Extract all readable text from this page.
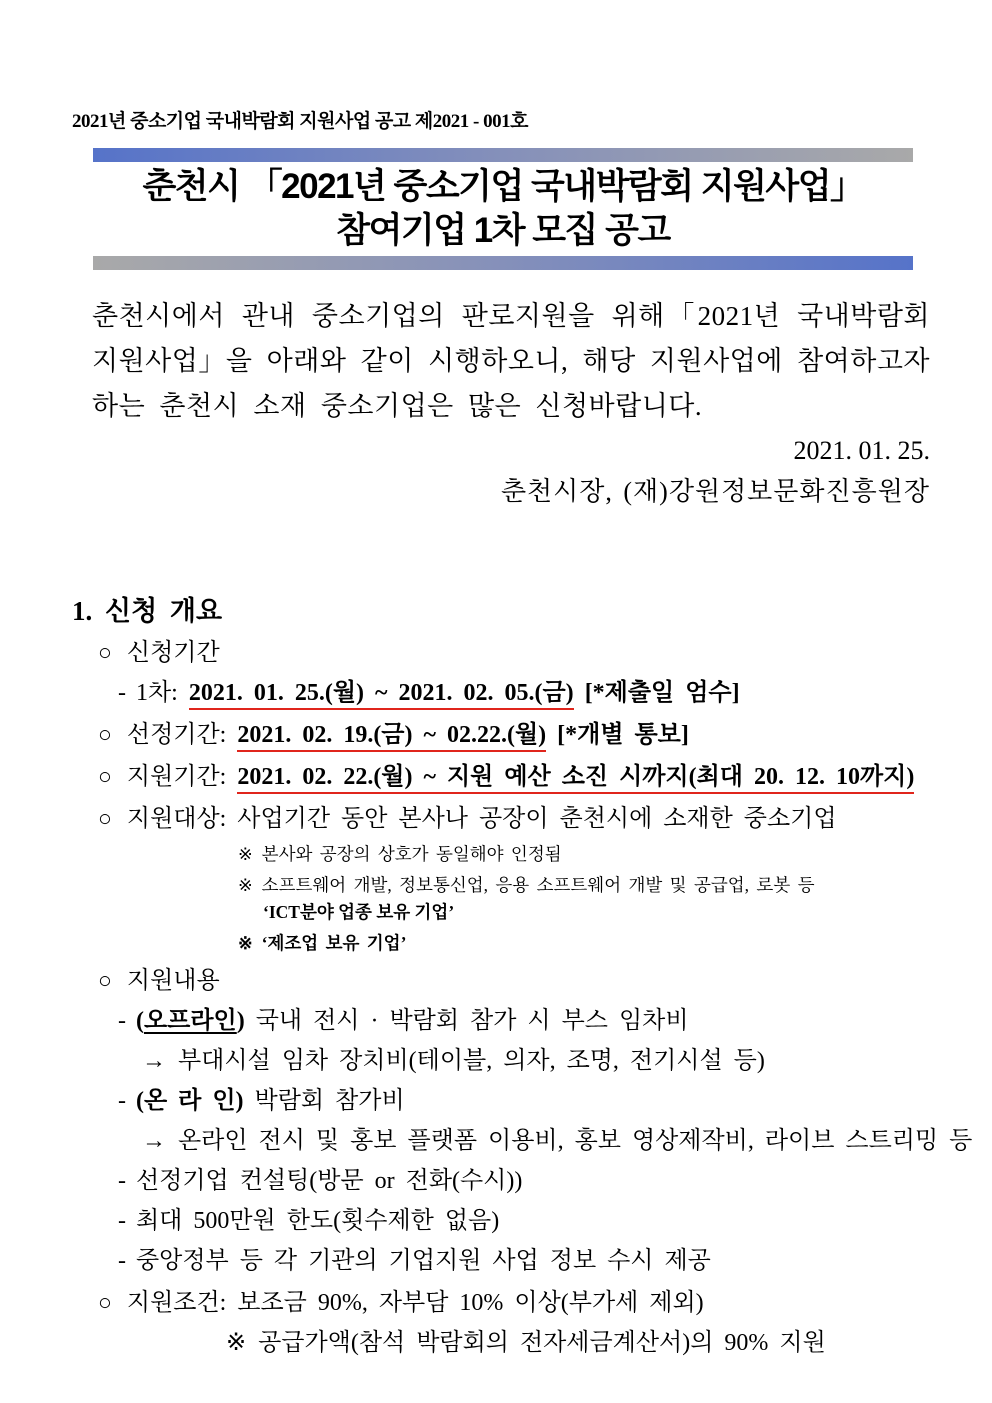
2021년 중소기업 국내박람회 지원사업 공고 제2021 - 001호
춘천시 「2021년 중소기업 국내박람회 지원사업」
참여기업 1차 모집 공고

춘천시에서 관내 중소기업의 판로지원을 위해「2021년 국내박람회 지원사업」을 아래와 같이 시행하오니, 해당 지원사업에 참여하고자 하는 춘천시 소재 중소기업은 많은 신청바랍니다.

2021. 01. 25.
춘천시장, (재)강원정보문화진흥원장
1. 신청 개요
○ 신청기간
- 1차: 2021. 01. 25.(월) ~ 2021. 02. 05.(금) [*제출일 엄수]
○ 선정기간: 2021. 02. 19.(금) ~ 02.22.(월) [*개별 통보]
○ 지원기간: 2021. 02. 22.(월) ~ 지원 예산 소진 시까지(최대 20. 12. 10까지)
○ 지원대상: 사업기간 동안 본사나 공장이 춘천시에 소재한 중소기업
※ 본사와 공장의 상호가 동일해야 인정됨
※ 소프트웨어 개발, 정보통신업, 응용 소프트웨어 개발 및 공급업, 로봇 등
‘ICT분야 업종 보유 기업’
※ ‘제조업 보유 기업’
○ 지원내용
- (오프라인) 국내 전시 · 박람회 참가 시 부스 임차비
→ 부대시설 임차 장치비(테이블, 의자, 조명, 전기시설 등)
- (온 라 인) 박람회 참가비
→ 온라인 전시 및 홍보 플랫폼 이용비, 홍보 영상제작비, 라이브 스트리밍 등
- 선정기업 컨설팅(방문 or 전화(수시))
- 최대 500만원 한도(횟수제한 없음)
- 중앙정부 등 각 기관의 기업지원 사업 정보 수시 제공
○ 지원조건: 보조금 90%, 자부담 10% 이상(부가세 제외)
※ 공급가액(참석 박람회의 전자세금계산서)의 90% 지원
